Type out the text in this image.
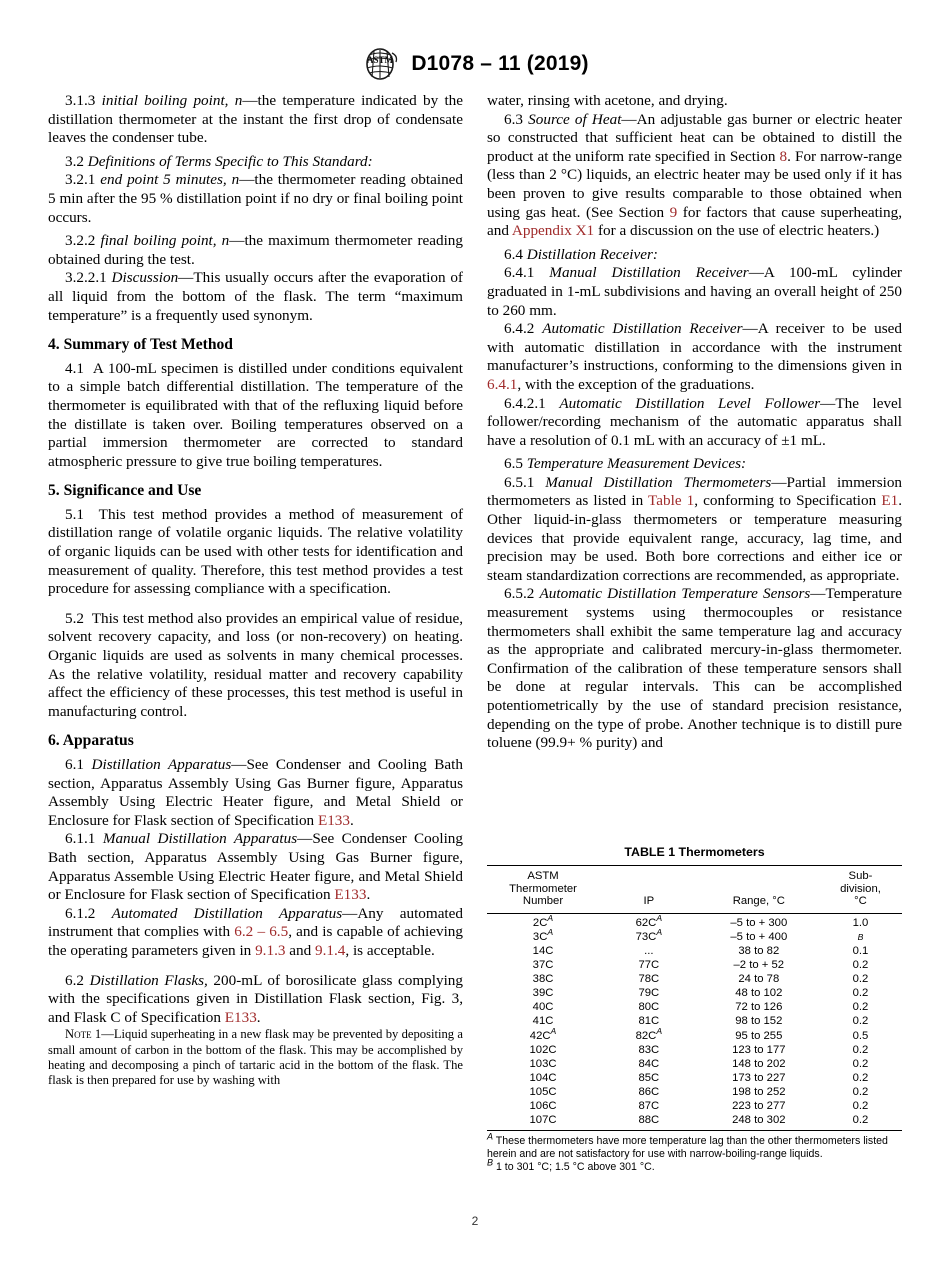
ASTM D1078 – 11 (2019)

3.1.3 initial boiling point, n—the temperature indicated by the distillation thermometer at the instant the first drop of condensate leaves the condenser tube.

3.2 Definitions of Terms Specific to This Standard:

3.2.1 end point 5 minutes, n—the thermometer reading obtained 5 min after the 95 % distillation point if no dry or final boiling point occurs.

3.2.2 final boiling point, n—the maximum thermometer reading obtained during the test.

3.2.2.1 Discussion—This usually occurs after the evaporation of all liquid from the bottom of the flask. The term “maximum temperature” is a frequently used synonym.

4. Summary of Test Method

4.1 A 100-mL specimen is distilled under conditions equivalent to a simple batch differential distillation. The temperature of the thermometer is equilibrated with that of the refluxing liquid before the distillate is taken over. Boiling temperatures observed on a partial immersion thermometer are corrected to standard atmospheric pressure to give true boiling temperatures.

5. Significance and Use

5.1 This test method provides a method of measurement of distillation range of volatile organic liquids. The relative volatility of organic liquids can be used with other tests for identification and measurement of quality. Therefore, this test method provides a test procedure for assessing compliance with a specification.

5.2 This test method also provides an empirical value of residue, solvent recovery capacity, and loss (or non-recovery) on heating. Organic liquids are used as solvents in many chemical processes. As the relative volatility, residual matter and recovery capability affect the efficiency of these processes, this test method is useful in manufacturing control.

6. Apparatus

6.1 Distillation Apparatus—See Condenser and Cooling Bath section, Apparatus Assembly Using Gas Burner figure, Apparatus Assembly Using Electric Heater figure, and Metal Shield or Enclosure for Flask section of Specification E133.

6.1.1 Manual Distillation Apparatus—See Condenser Cooling Bath section, Apparatus Assembly Using Gas Burner figure, Apparatus Assemble Using Electric Heater figure, and Metal Shield or Enclosure for Flask section of Specification E133.

6.1.2 Automated Distillation Apparatus—Any automated instrument that complies with 6.2 – 6.5, and is capable of achieving the operating parameters given in 9.1.3 and 9.1.4, is acceptable.

6.2 Distillation Flasks, 200-mL of borosilicate glass complying with the specifications given in Distillation Flask section, Fig. 3, and Flask C of Specification E133.

Note 1—Liquid superheating in a new flask may be prevented by depositing a small amount of carbon in the bottom of the flask. This may be accomplished by heating and decomposing a pinch of tartaric acid in the bottom of the flask. The flask is then prepared for use by washing with

water, rinsing with acetone, and drying.

6.3 Source of Heat—An adjustable gas burner or electric heater so constructed that sufficient heat can be obtained to distill the product at the uniform rate specified in Section 8. For narrow-range (less than 2 °C) liquids, an electric heater may be used only if it has been proven to give results comparable to those obtained when using gas heat. (See Section 9 for factors that cause superheating, and Appendix X1 for a discussion on the use of electric heaters.)

6.4 Distillation Receiver:

6.4.1 Manual Distillation Receiver—A 100-mL cylinder graduated in 1-mL subdivisions and having an overall height of 250 to 260 mm.

6.4.2 Automatic Distillation Receiver—A receiver to be used with automatic distillation in accordance with the instrument manufacturer’s instructions, conforming to the dimensions given in 6.4.1, with the exception of the graduations.

6.4.2.1 Automatic Distillation Level Follower—The level follower/recording mechanism of the automatic apparatus shall have a resolution of 0.1 mL with an accuracy of ±1 mL.

6.5 Temperature Measurement Devices:

6.5.1 Manual Distillation Thermometers—Partial immersion thermometers as listed in Table 1, conforming to Specification E1. Other liquid-in-glass thermometers or temperature measuring devices that provide equivalent range, accuracy, lag time, and precision may be used. Both bore corrections and either ice or steam standardization corrections are recommended, as appropriate.

6.5.2 Automatic Distillation Temperature Sensors—Temperature measurement systems using thermocouples or resistance thermometers shall exhibit the same temperature lag and accuracy as the appropriate and calibrated mercury-in-glass thermometer. Confirmation of the calibration of these temperature sensors shall be done at regular intervals. This can be accomplished potentiometrically by the use of standard precision resistance, depending on the type of probe. Another technique is to distill pure toluene (99.9+ % purity) and

TABLE 1 Thermometers
ASTM
Thermometer
Number	IP	Range, °C	Sub-
division,
°C
2C$^A$	62C$^A$	–5 to + 300	1.0
3C$^A$	73C$^A$	–5 to + 400	B
14C	...	38 to 82	0.1
37C	77C	–2 to + 52	0.2
38C	78C	24 to 78	0.2
39C	79C	48 to 102	0.2
40C	80C	72 to 126	0.2
41C	81C	98 to 152	0.2
42C$^A$	82C$^A$	95 to 255	0.5
102C	83C	123 to 177	0.2
103C	84C	148 to 202	0.2
104C	85C	173 to 227	0.2
105C	86C	198 to 252	0.2
106C	87C	223 to 277	0.2
107C	88C	248 to 302	0.2
$^A$ These thermometers have more temperature lag than the other thermometers listed herein and are not satisfactory for use with narrow-boiling-range liquids.
$^B$ 1 to 301 °C; 1.5 °C above 301 °C.
2
